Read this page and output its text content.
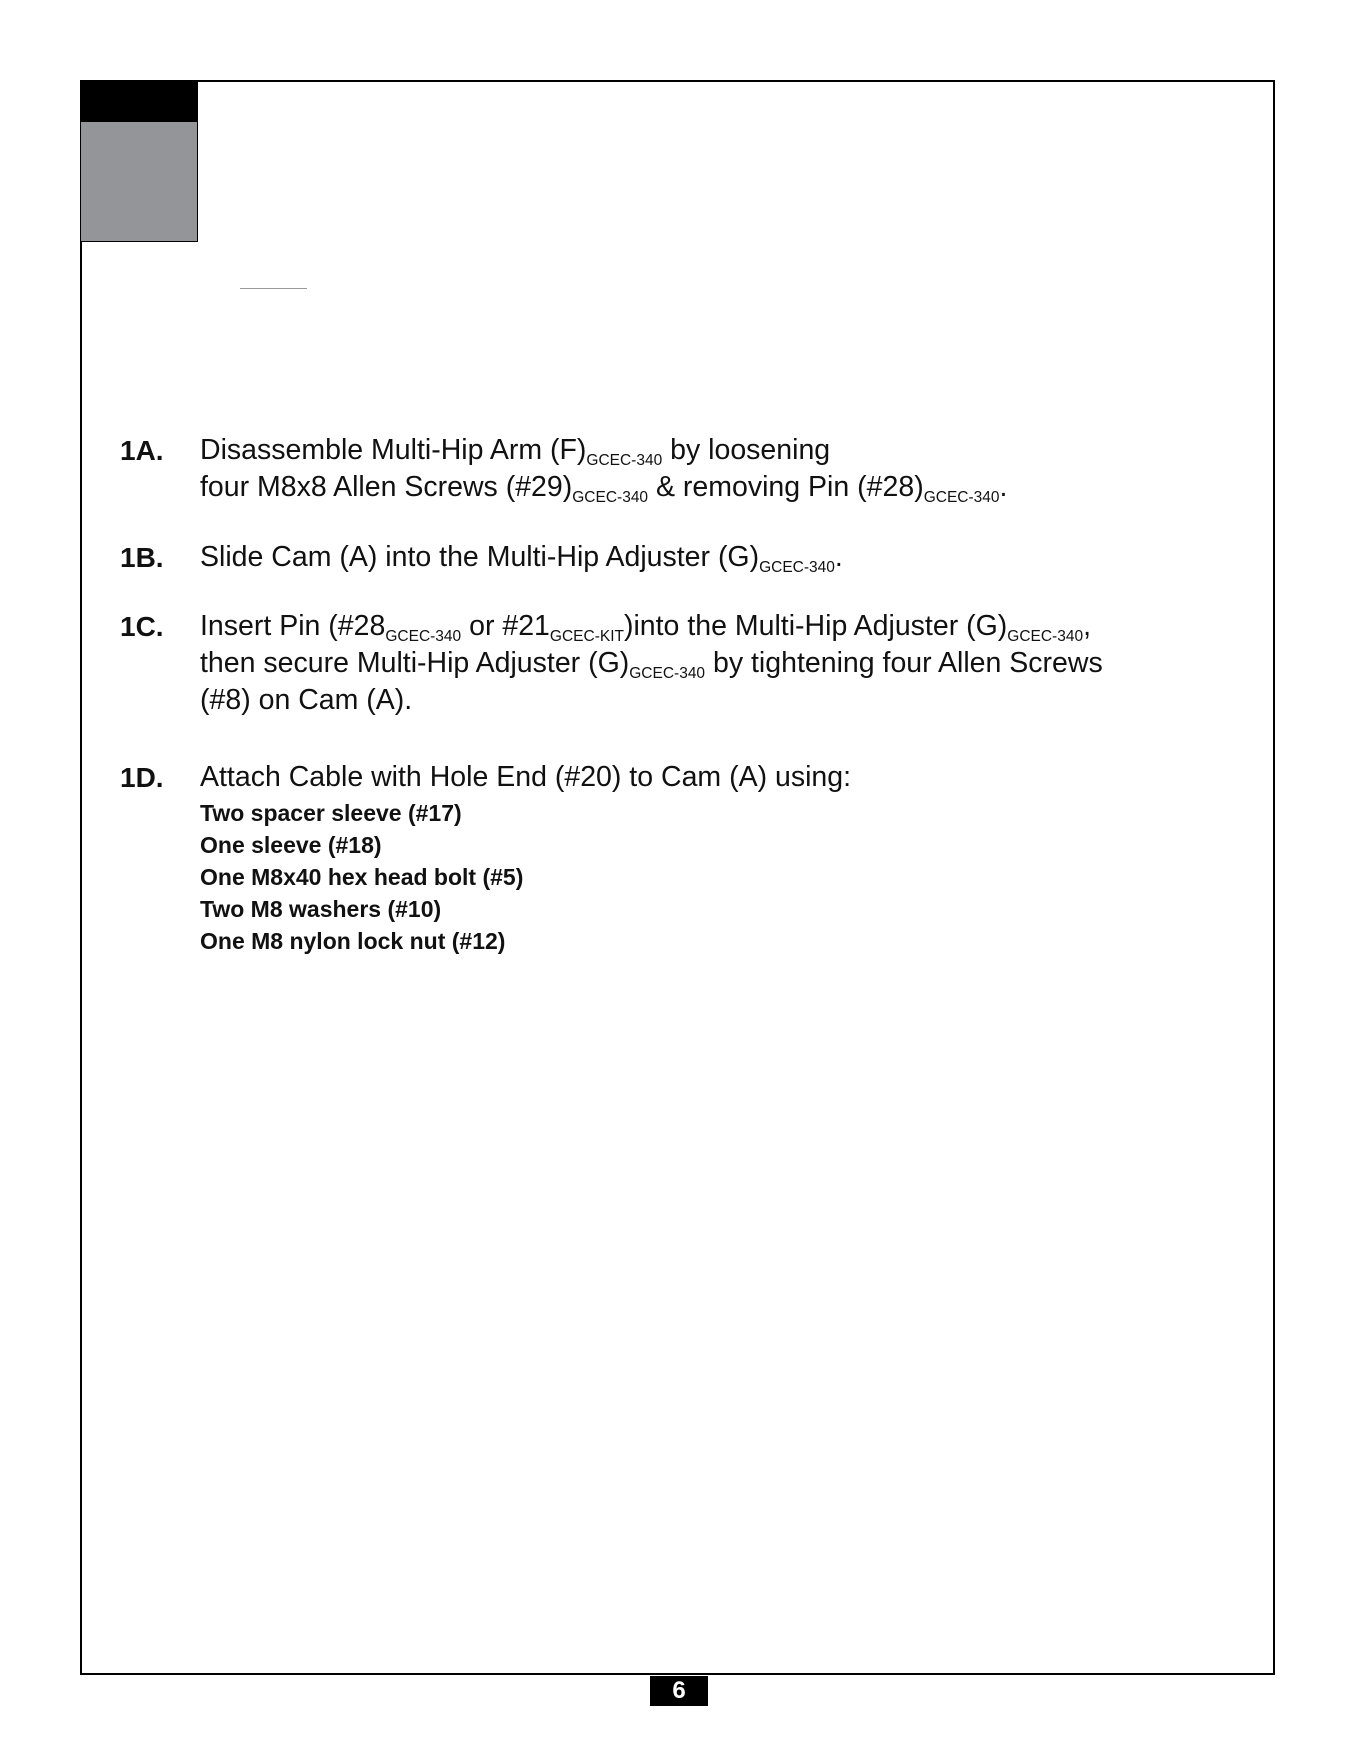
1A. Disassemble Multi-Hip Arm $(F)_{GCEC-340}$ by loosening
four M8x8 Allen Screws $(\#29)_{GCEC-340}$ & removing Pin $(\#28)_{GCEC-340}$.
1B. Slide Cam (A) into the Multi-Hip Adjuster $(G)_{GCEC-340}$.
1C. Insert Pin ($\#28_{GCEC-340}$ or $\#21_{GCEC-KIT})into$ the Multi-Hip Adjuster $(G)_{GCEC-340}$,
then secure Multi-Hip Adjuster $(G)_{GCEC-340}$ by tightening four Allen Screws
(#8) on Cam (A).
1D. Attach Cable with Hole End (#20) to Cam (A) using:
Two spacer sleeve (#17)
One sleeve (#18)
One M8x40 hex head bolt (#5)
Two M8 washers (#10)
One M8 nylon lock nut (#12)
6
